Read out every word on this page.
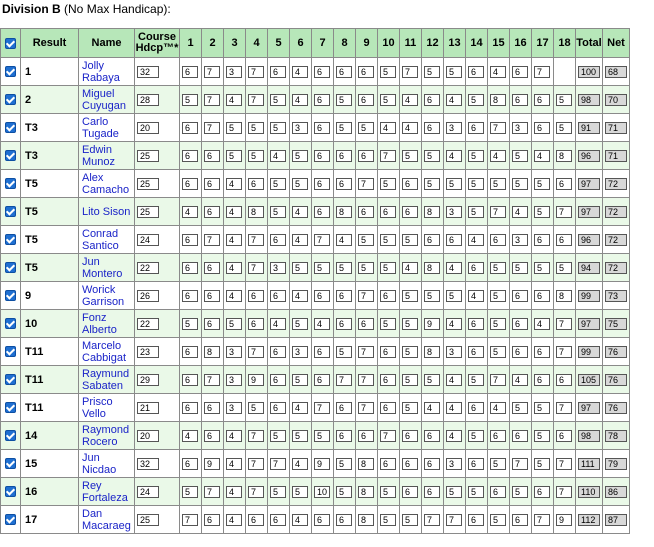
Division B (No Max Handicap):
	Result	Name	Course
Hdcp™*	1	2	3	4	5	6	7	8	9	10	11	12	13	14	15	16	17	18	Total	Net
	1	Jolly
Rabaya	32	6	7	3	7	6	4	6	6	6	5	7	5	5	6	4	6	7		100	68
	2	Miguel
Cuyugan	28	5	7	4	7	5	4	6	5	6	5	4	6	4	5	8	6	6	5	98	70
	T3	Carlo
Tugade	20	6	7	5	5	5	3	6	5	5	4	4	6	3	6	7	3	6	5	91	71
	T3	Edwin
Munoz	25	6	6	5	5	4	5	6	6	6	7	5	5	4	5	4	5	4	8	96	71
	T5	Alex
Camacho	25	6	6	4	6	5	5	6	6	7	5	6	5	5	5	5	5	5	6	97	72
	T5	Lito Sison	25	4	6	4	8	5	4	6	8	6	6	6	8	3	5	7	4	5	7	97	72
	T5	Conrad
Santico	24	6	7	4	7	6	4	7	4	5	5	5	6	6	4	6	3	6	6	96	72
	T5	Jun
Montero	22	6	6	4	7	3	5	5	5	5	5	4	8	4	6	5	5	5	5	94	72
	9	Worick
Garrison	26	6	6	4	6	6	4	6	6	7	6	5	5	5	4	5	6	6	8	99	73
	10	Fonz
Alberto	22	5	6	5	6	4	5	4	6	6	5	5	9	4	6	5	6	4	7	97	75
	T11	Marcelo
Cabbigat	23	6	8	3	7	6	3	6	5	7	6	5	8	3	6	5	6	6	7	99	76
	T11	Raymund
Sabaten	29	6	7	3	9	6	5	6	7	7	6	5	5	4	5	7	4	6	6	105	76
	T11	Prisco
Vello	21	6	6	3	5	6	4	7	6	7	6	5	4	4	6	4	5	5	7	97	76
	14	Raymond
Rocero	20	4	6	4	7	5	5	5	6	6	7	6	6	4	5	6	6	5	6	98	78
	15	Jun
Nicdao	32	6	9	4	7	7	4	9	5	8	6	6	6	3	6	5	7	5	7	111	79
	16	Rey
Fortaleza	24	5	7	4	7	5	5	10	5	8	5	6	6	5	5	6	5	6	7	110	86
	17	Dan
Macaraeg	25	7	6	4	6	6	4	6	6	8	5	5	7	7	6	5	6	7	9	112	87
